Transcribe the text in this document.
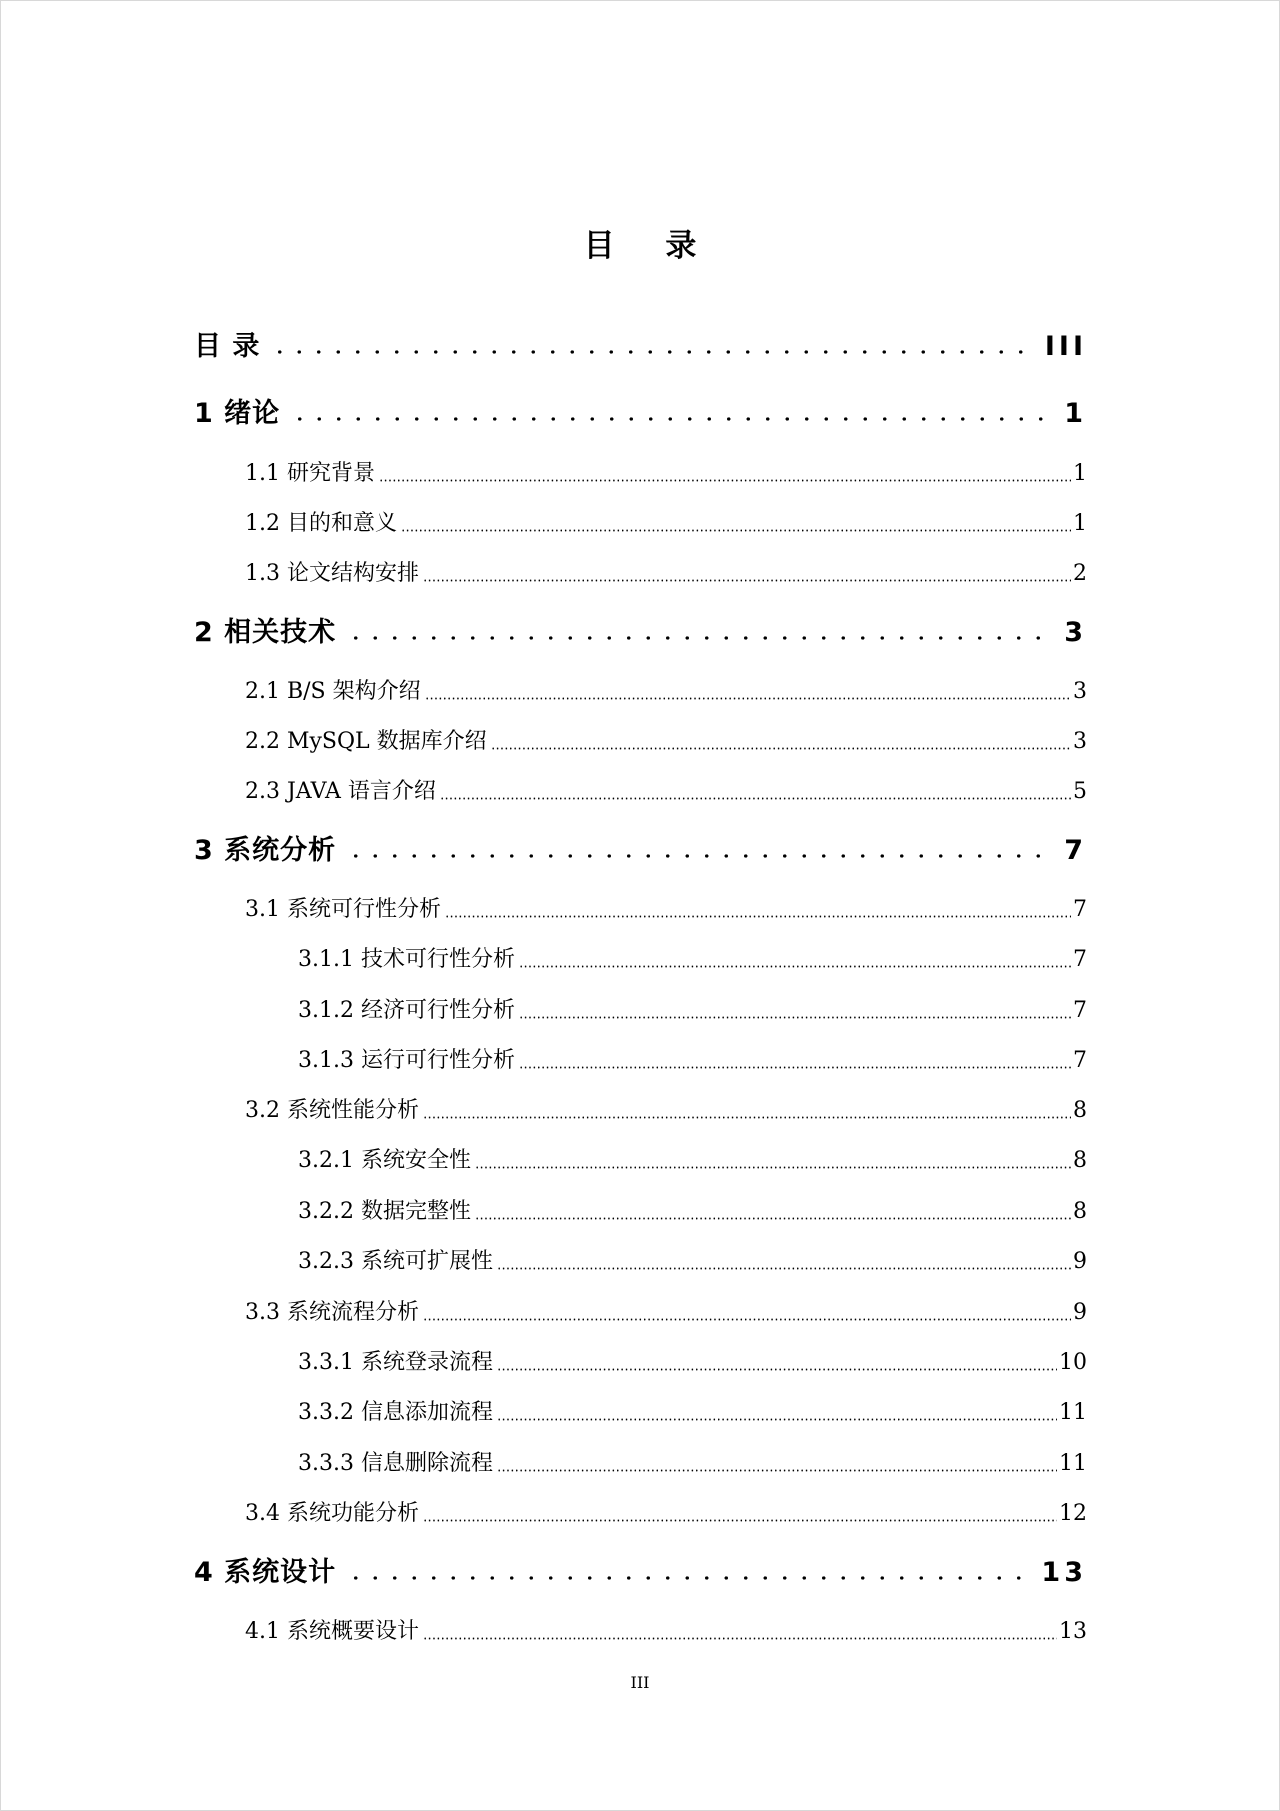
目 录
目 录	III
1 绪论	1
1.1 研究背景	1
1.2 目的和意义	1
1.3 论文结构安排	2
2 相关技术	3
2.1 B/S 架构介绍	3
2.2 MySQL 数据库介绍	3
2.3 JAVA 语言介绍	5
3 系统分析	7
3.1 系统可行性分析	7
3.1.1 技术可行性分析	7
3.1.2 经济可行性分析	7
3.1.3 运行可行性分析	7
3.2 系统性能分析	8
3.2.1 系统安全性	8
3.2.2 数据完整性	8
3.2.3 系统可扩展性	9
3.3 系统流程分析	9
3.3.1 系统登录流程	10
3.3.2 信息添加流程	11
3.3.3 信息删除流程	11
3.4 系统功能分析	12
4 系统设计	13
4.1 系统概要设计	13
III
